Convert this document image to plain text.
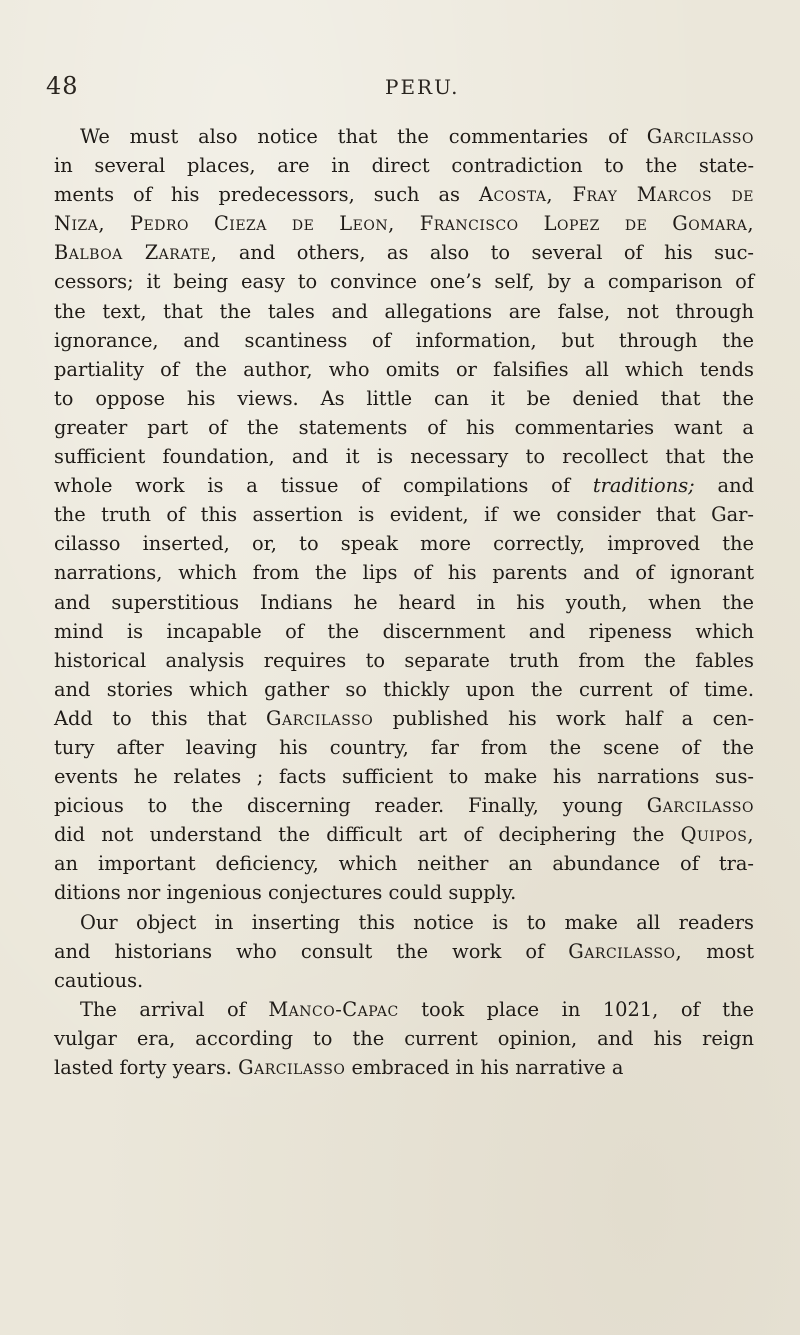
48	PERU.
We must also notice that the commentaries of Garcilasso
in several places, are in direct contradiction to the state-
ments of his predecessors, such as Acosta, Fray Marcos de
Niza, Pedro Cieza de Leon, Francisco Lopez de Gomara,
Balboa Zarate, and others, as also to several of his suc-
cessors; it being easy to convince one’s self, by a comparison of
the text, that the tales and allegations are false, not through
ignorance, and scantiness of information, but through the
partiality of the author, who omits or falsifies all which tends
to oppose his views. As little can it be denied that the
greater part of the statements of his commentaries want a
sufficient foundation, and it is necessary to recollect that the
whole work is a tissue of compilations of traditions; and
the truth of this assertion is evident, if we consider that Gar-
cilasso inserted, or, to speak more correctly, improved the
narrations, which from the lips of his parents and of ignorant
and superstitious Indians he heard in his youth, when the
mind is incapable of the discernment and ripeness which
historical analysis requires to separate truth from the fables
and stories which gather so thickly upon the current of time.
Add to this that Garcilasso published his work half a cen-
tury after leaving his country, far from the scene of the
events he relates ; facts sufficient to make his narrations sus-
picious to the discerning reader. Finally, young Garcilasso
did not understand the difficult art of deciphering the Quipos,
an important deficiency, which neither an abundance of tra-
ditions nor ingenious conjectures could supply.
Our object in inserting this notice is to make all readers
and historians who consult the work of Garcilasso, most
cautious.
The arrival of Manco-Capac took place in 1021, of the
vulgar era, according to the current opinion, and his reign
lasted forty years. Garcilasso embraced in his narrative a
